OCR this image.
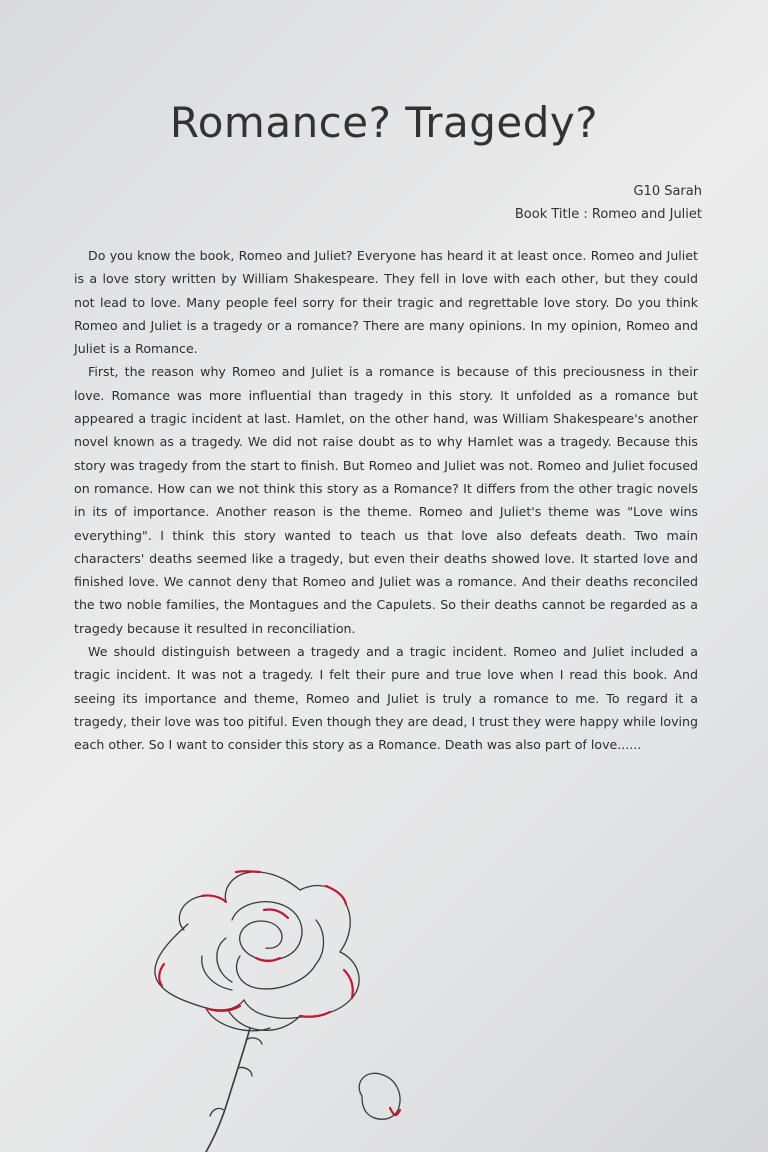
Romance? Tragedy?
G10 Sarah
Book Title : Romeo and Juliet

Do you know the book, Romeo and Juliet? Everyone has heard it at least once. Romeo and Juliet is a love story written by William Shakespeare. They fell in love with each other, but they could not lead to love. Many people feel sorry for their tragic and regrettable love story. Do you think Romeo and Juliet is a tragedy or a romance? There are many opinions. In my opinion, Romeo and Juliet is a Romance.

First, the reason why Romeo and Juliet is a romance is because of this preciousness in their love. Romance was more influential than tragedy in this story. It unfolded as a romance but appeared a tragic incident at last. Hamlet, on the other hand, was William Shakespeare's another novel known as a tragedy. We did not raise doubt as to why Hamlet was a tragedy. Because this story was tragedy from the start to finish. But Romeo and Juliet was not. Romeo and Juliet focused on romance. How can we not think this story as a Romance? It differs from the other tragic novels in its of importance. Another reason is the theme. Romeo and Juliet's theme was "Love wins everything". I think this story wanted to teach us that love also defeats death. Two main characters' deaths seemed like a tragedy, but even their deaths showed love. It started love and finished love. We cannot deny that Romeo and Juliet was a romance. And their deaths reconciled the two noble families, the Montagues and the Capulets. So their deaths cannot be regarded as a tragedy because it resulted in reconciliation.

We should distinguish between a tragedy and a tragic incident. Romeo and Juliet included a tragic incident. It was not a tragedy. I felt their pure and true love when I read this book. And seeing its importance and theme, Romeo and Juliet is truly a romance to me. To regard it a tragedy, their love was too pitiful. Even though they are dead, I trust they were happy while loving each other. So I want to consider this story as a Romance. Death was also part of love......
